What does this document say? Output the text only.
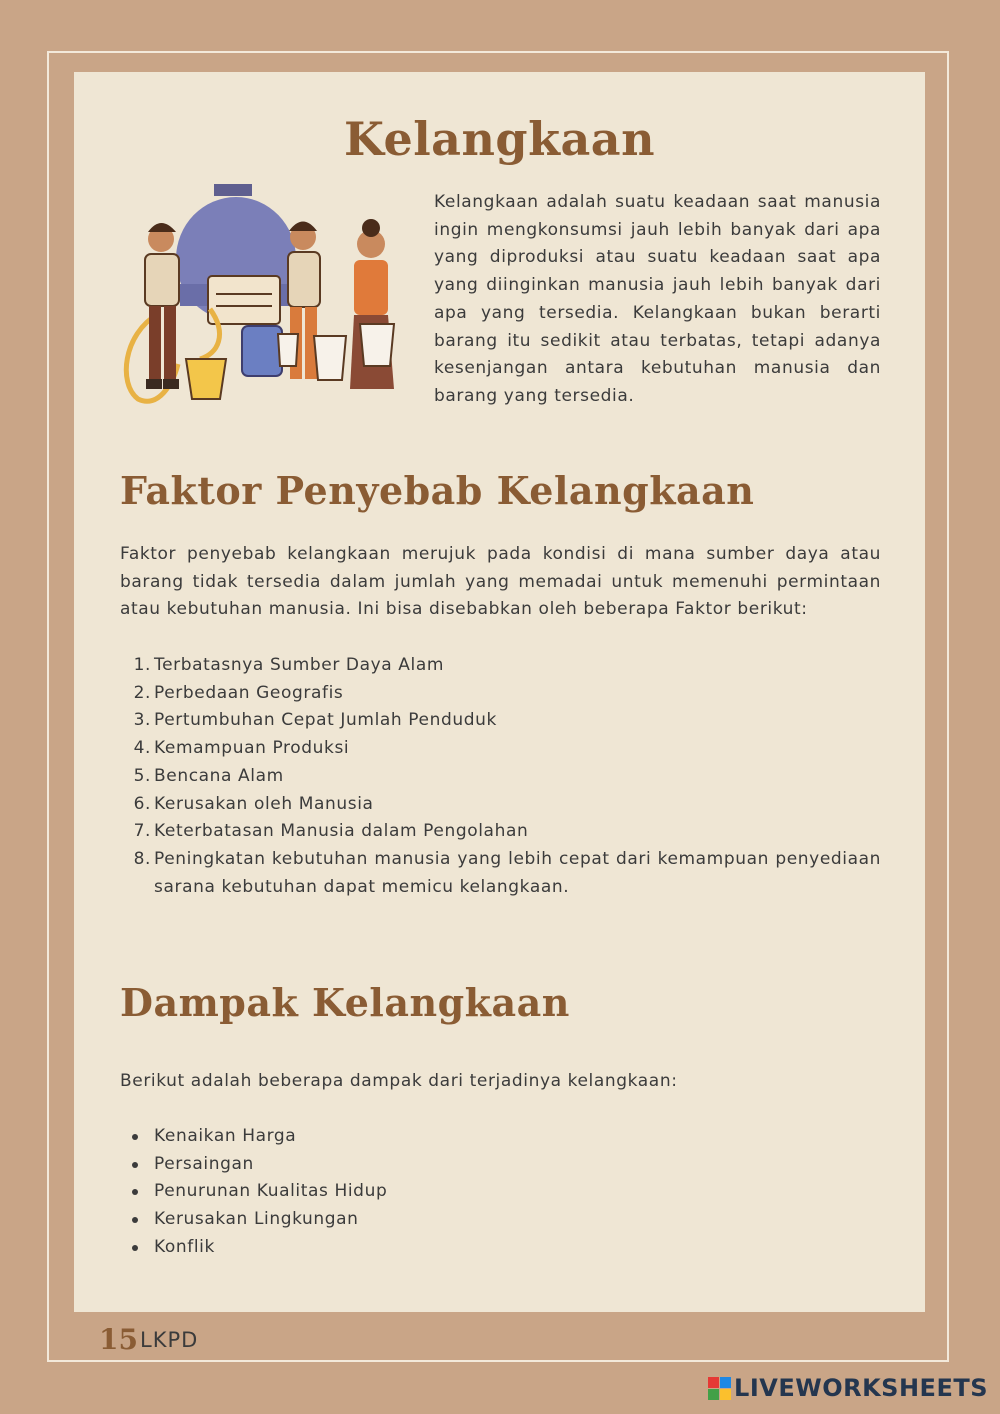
Kelangkaan

Kelangkaan adalah suatu keadaan saat manusia ingin mengkonsumsi jauh lebih banyak dari apa yang diproduksi atau suatu keadaan saat apa yang diinginkan manusia jauh lebih banyak dari apa yang tersedia. Kelangkaan bukan berarti barang itu sedikit atau terbatas, tetapi adanya kesenjangan antara kebutuhan manusia dan barang yang tersedia.

Faktor Penyebab Kelangkaan

Faktor penyebab kelangkaan merujuk pada kondisi di mana sumber daya atau barang tidak tersedia dalam jumlah yang memadai untuk memenuhi permintaan atau kebutuhan manusia. Ini bisa disebabkan oleh beberapa Faktor berikut:

1. Terbatasnya Sumber Daya Alam
2. Perbedaan Geografis
3. Pertumbuhan Cepat Jumlah Penduduk
4. Kemampuan Produksi
5. Bencana Alam
6. Kerusakan oleh Manusia
7. Keterbatasan Manusia dalam Pengolahan
8. Peningkatan kebutuhan manusia yang lebih cepat dari kemampuan penyediaan sarana kebutuhan dapat memicu kelangkaan.
Dampak Kelangkaan

Berikut adalah beberapa dampak dari terjadinya kelangkaan:

Kenaikan Harga
Persaingan
Penurunan Kualitas Hidup
Kerusakan Lingkungan
Konflik
15 LKPD
LIVEWORKSHEETS
